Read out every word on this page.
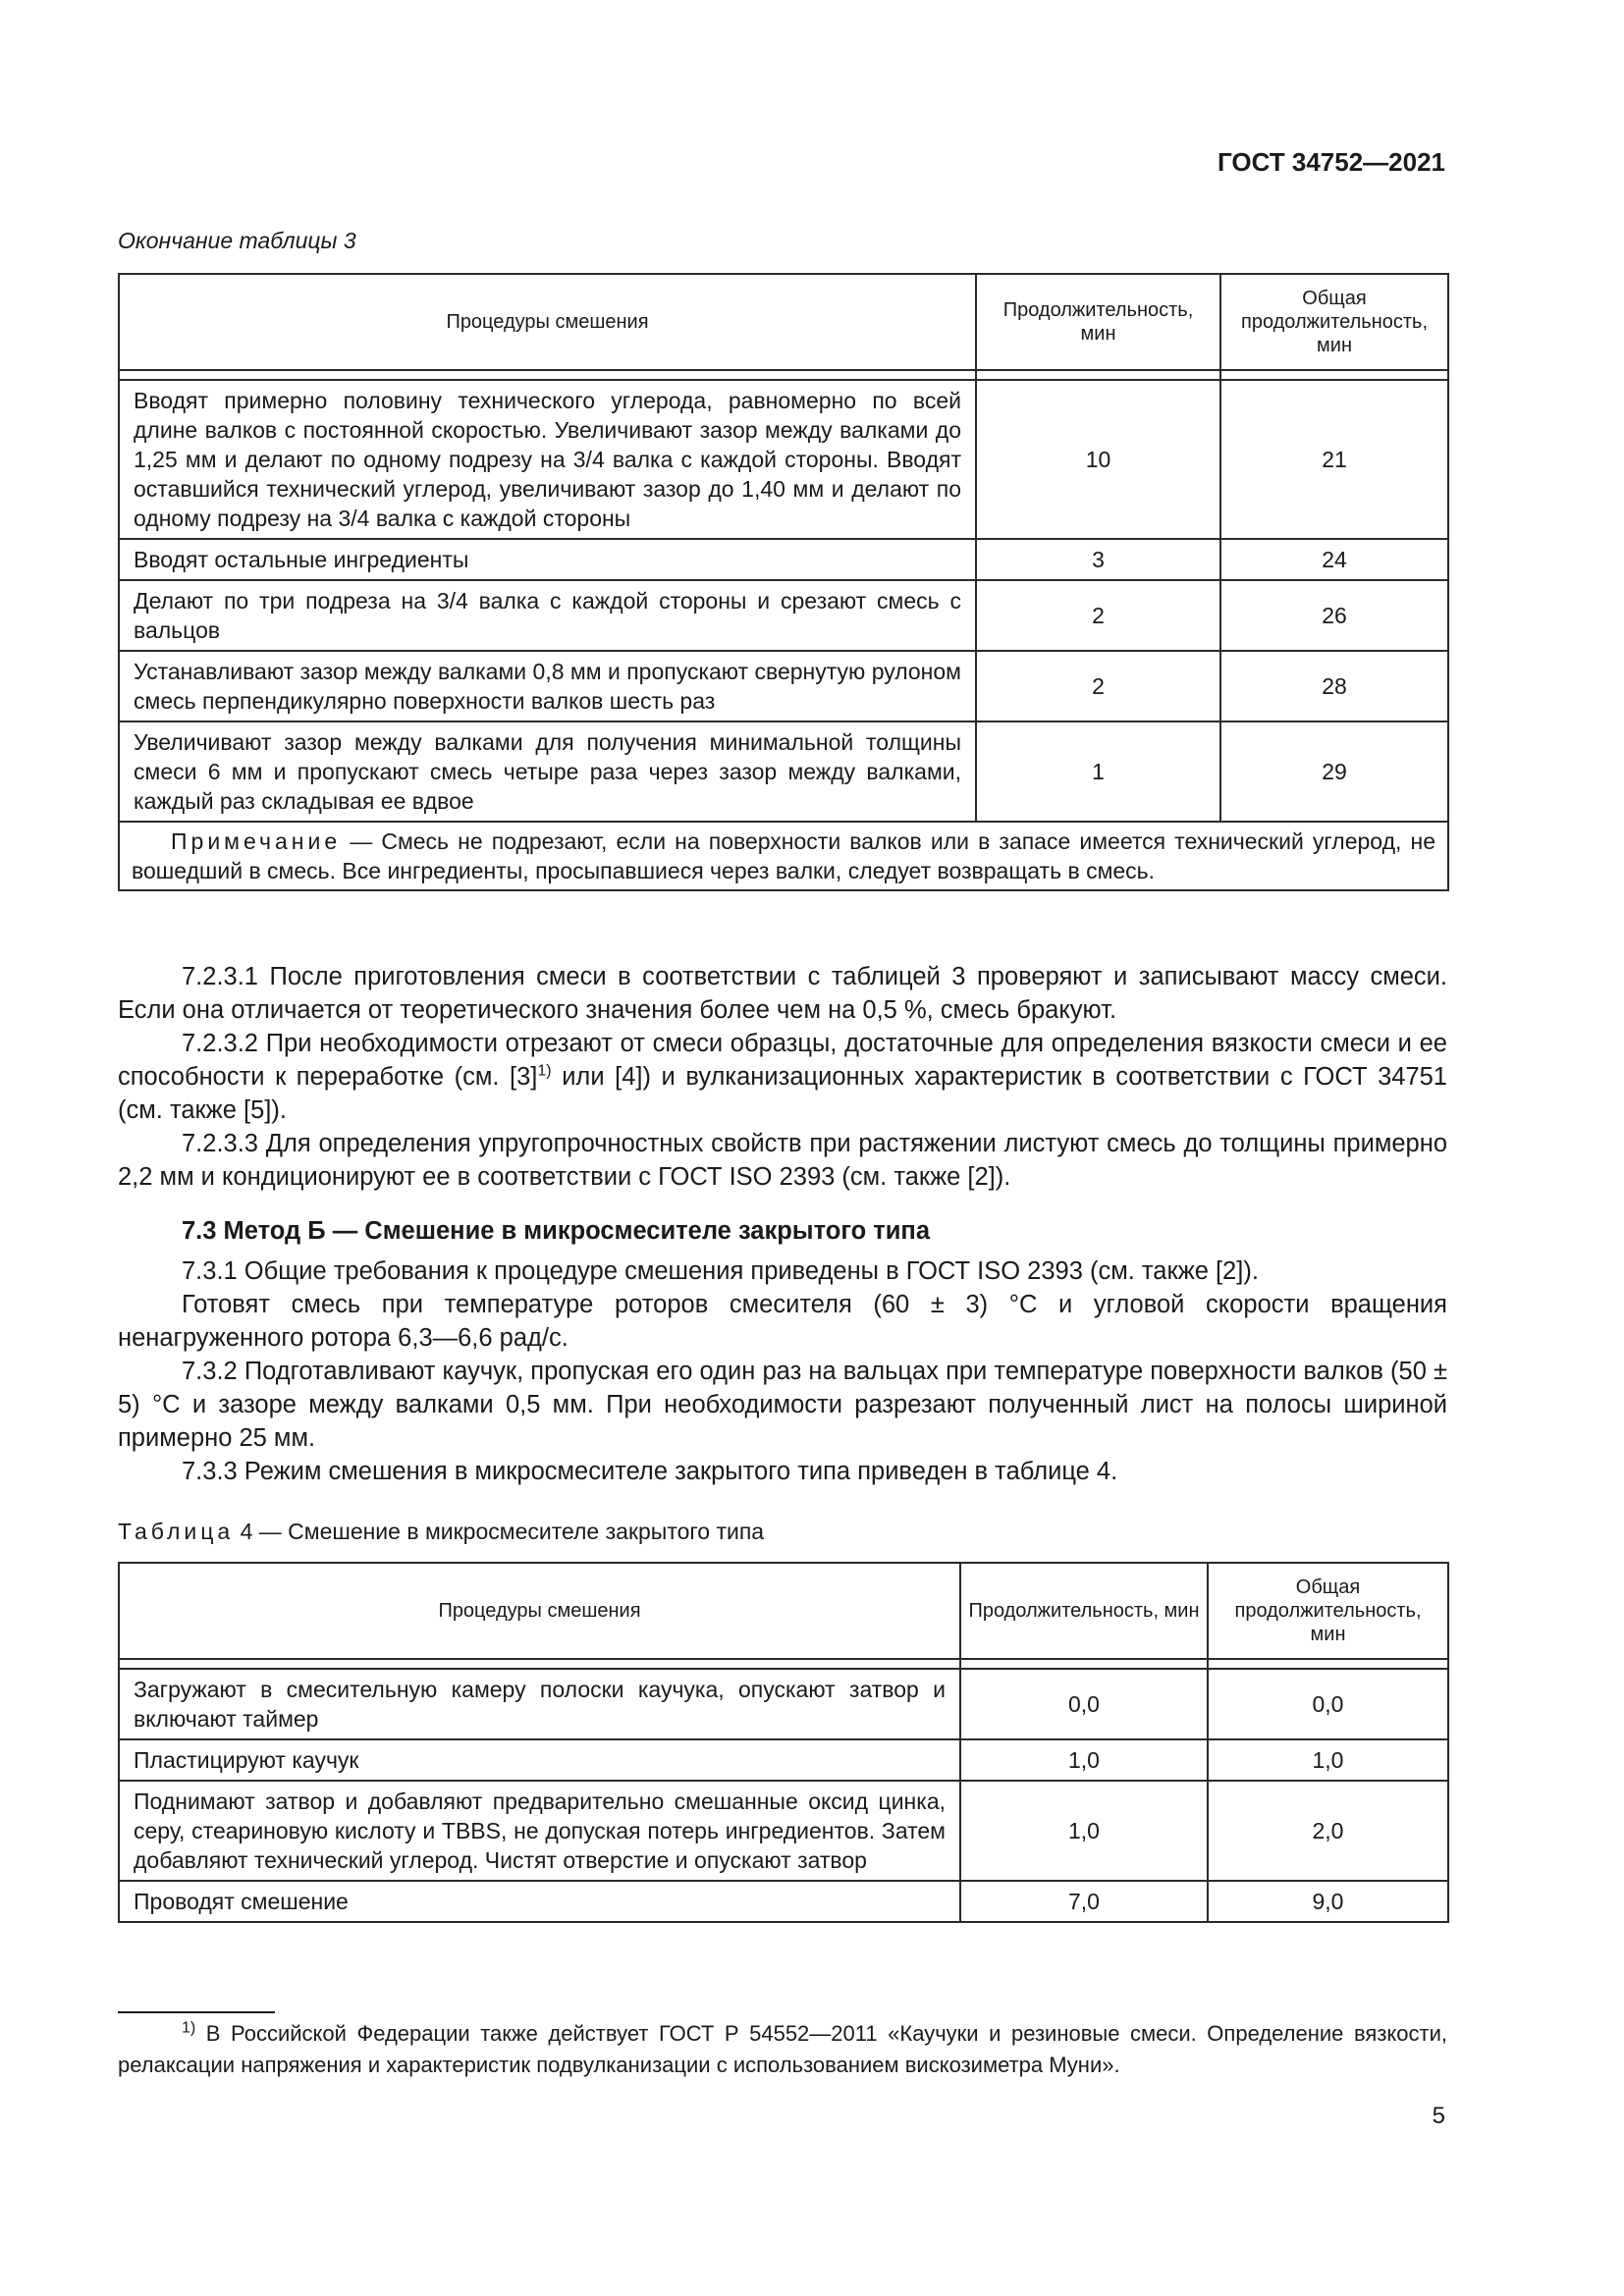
ГОСТ 34752—2021
Окончание таблицы 3
Процедуры смешения	Продолжительность, мин	Общая продолжительность, мин

Вводят примерно половину технического углерода, равномерно по всей длине валков с постоянной скоростью. Увеличивают зазор между валками до 1,25 мм и делают по одному подрезу на 3/4 валка с каждой стороны. Вводят оставшийся технический углерод, увеличивают зазор до 1,40 мм и делают по одному подрезу на 3/4 валка с каждой стороны	10	21
Вводят остальные ингредиенты	3	24
Делают по три подреза на 3/4 валка с каждой стороны и срезают смесь с вальцов	2	26
Устанавливают зазор между валками 0,8 мм и пропускают свернутую рулоном смесь перпендикулярно поверхности валков шесть раз	2	28
Увеличивают зазор между валками для получения минимальной толщины смеси 6 мм и пропускают смесь четыре раза через зазор между валками, каждый раз складывая ее вдвое	1	29
Примечание — Смесь не подрезают, если на поверхности валков или в запасе имеется технический углерод, не вошедший в смесь. Все ингредиенты, просыпавшиеся через валки, следует возвращать в смесь.		

7.2.3.1 После приготовления смеси в соответствии с таблицей 3 проверяют и записывают массу смеси. Если она отличается от теоретического значения более чем на 0,5 %, смесь бракуют.

7.2.3.2 При необходимости отрезают от смеси образцы, достаточные для определения вязкости смеси и ее способности к переработке (см. $[3]^{1)}$ или [4]) и вулканизационных характеристик в соответствии с ГОСТ 34751 (см. также [5]).

7.2.3.3 Для определения упругопрочностных свойств при растяжении листуют смесь до толщины примерно 2,2 мм и кондиционируют ее в соответствии с ГОСТ ISO 2393 (см. также [2]).

7.3 Метод Б — Смешение в микросмесителе закрытого типа

7.3.1 Общие требования к процедуре смешения приведены в ГОСТ ISO 2393 (см. также [2]).

Готовят смесь при температуре роторов смесителя (60 ± 3) °C и угловой скорости вращения ненагруженного ротора 6,3—6,6 рад/с.

7.3.2 Подготавливают каучук, пропуская его один раз на вальцах при температуре поверхности валков (50 ± 5) °C и зазоре между валками 0,5 мм. При необходимости разрезают полученный лист на полосы шириной примерно 25 мм.

7.3.3 Режим смешения в микросмесителе закрытого типа приведен в таблице 4.

Таблица 4 — Смешение в микросмесителе закрытого типа
Процедуры смешения	Продолжительность, мин	Общая продолжительность, мин

Загружают в смесительную камеру полоски каучука, опускают затвор и включают таймер	0,0	0,0
Пластицируют каучук	1,0	1,0
Поднимают затвор и добавляют предварительно смешанные оксид цинка, серу, стеариновую кислоту и TBBS, не допуская потерь ингредиентов. Затем добавляют технический углерод. Чистят отверстие и опускают затвор	1,0	2,0
Проводят смешение	7,0	9,0
$^{1)}$ В Российской Федерации также действует ГОСТ Р 54552—2011 «Каучуки и резиновые смеси. Определение вязкости, релаксации напряжения и характеристик подвулканизации с использованием вискозиметра Муни».
5
